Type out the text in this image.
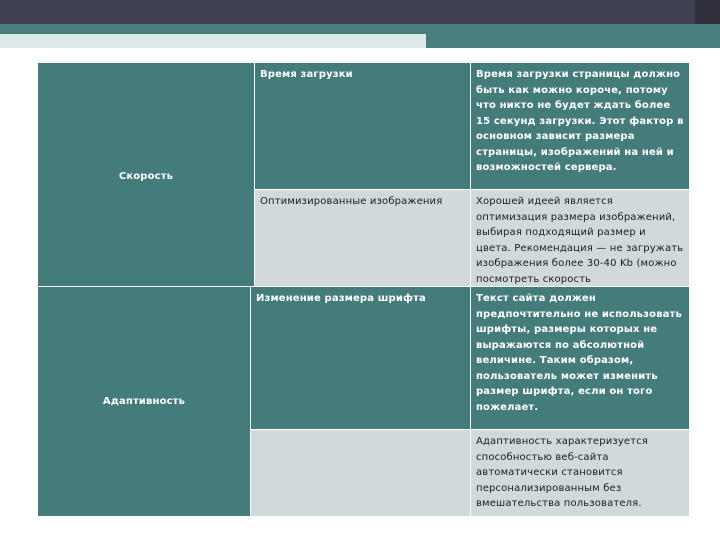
Скорость	Время загрузки	Время загрузки страницы должно быть как можно короче, потому что никто не будет ждать более 15 секунд загрузки. Этот фактор в основном зависит размера страницы, изображений на ней и возможностей сервера.
	Оптимизированные изображения	Хорошей идеей является оптимизация размера изображений, выбирая подходящий размер и цвета. Рекомендация — не загружать изображения более 30-40 Kb (можно посмотреть скорость
Адаптивность	Изменение размера шрифта	Текст сайта должен предпочтительно не использовать шрифты, размеры которых не выражаются по абсолютной величине. Таким образом, пользователь может изменить размер шрифта, если он того пожелает.
		Адаптивность характеризуется способностью веб-сайта автоматически становится персонализированным без вмешательства пользователя.
